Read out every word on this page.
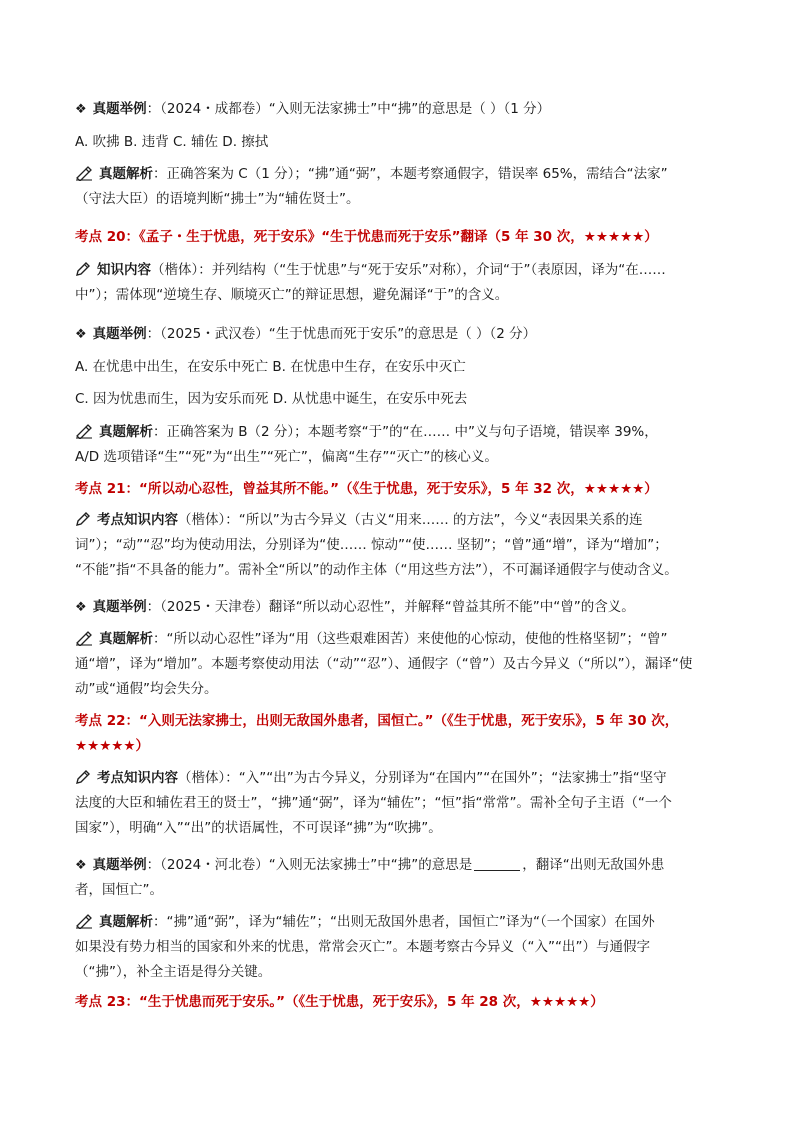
❖ 真题举例：（2024・成都卷）“入则无法家拂士”中“拂”的意思是（ ）（1 分）
A. 吹拂 B. 违背 C. 辅佐 D. 擦拭
真题解析：正确答案为 C（1 分）；“拂”通“弼”，本题考察通假字，错误率 65%，需结合“法家”
（守法大臣）的语境判断“拂士”为“辅佐贤士”。
考点 20：《孟子・生于忧患，死于安乐》“生于忧患而死于安乐”翻译（5 年 30 次，★★★★★）
知识内容（楷体）：并列结构（“生于忧患”与“死于安乐”对称），介词“于”（表原因，译为“在……
中”）；需体现“逆境生存、顺境灭亡”的辩证思想，避免漏译“于”的含义。
❖ 真题举例：（2025・武汉卷）“生于忧患而死于安乐”的意思是（ ）（2 分）
A. 在忧患中出生，在安乐中死亡 B. 在忧患中生存，在安乐中灭亡
C. 因为忧患而生，因为安乐而死 D. 从忧患中诞生，在安乐中死去
真题解析：正确答案为 B（2 分）；本题考察“于”的“在…… 中”义与句子语境，错误率 39%，
A/D 选项错译“生”“死”为“出生”“死亡”，偏离“生存”“灭亡”的核心义。
考点 21：“所以动心忍性，曾益其所不能。”（《生于忧患，死于安乐》，5 年 32 次，★★★★★）
考点知识内容（楷体）：“所以”为古今异义（古义“用来…… 的方法”，今义“表因果关系的连
词”）；“动”“忍”均为使动用法，分别译为“使…… 惊动”“使…… 坚韧”；“曾”通“增”，译为“增加”；
“不能”指“不具备的能力”。需补全“所以”的动作主体（“用这些方法”），不可漏译通假字与使动含义。
❖ 真题举例：（2025・天津卷）翻译“所以动心忍性”，并解释“曾益其所不能”中“曾”的含义。
真题解析：“所以动心忍性”译为“用（这些艰难困苦）来使他的心惊动，使他的性格坚韧”；“曾”
通“增”，译为“增加”。本题考察使动用法（“动”“忍”）、通假字（“曾”）及古今异义（“所以”），漏译“使
动”或“通假”均会失分。
考点 22：“入则无法家拂士，出则无敌国外患者，国恒亡。”（《生于忧患，死于安乐》，5 年 30 次，
★★★★★）
考点知识内容（楷体）：“入”“出”为古今异义，分别译为“在国内”“在国外”；“法家拂士”指“坚守
法度的大臣和辅佐君王的贤士”，“拂”通“弼”，译为“辅佐”；“恒”指“常常”。需补全句子主语（“一个
国家”），明确“入”“出”的状语属性，不可误译“拂”为“吹拂”。
❖ 真题举例：（2024・河北卷）“入则无法家拂士”中“拂”的意思是	，翻译“出则无敌国外患
者，国恒亡”。
真题解析：“拂”通“弼”，译为“辅佐”；“出则无敌国外患者，国恒亡”译为“（一个国家）在国外
如果没有势力相当的国家和外来的忧患，常常会灭亡”。本题考察古今异义（“入”“出”）与通假字
（“拂”），补全主语是得分关键。
考点 23：“生于忧患而死于安乐。”（《生于忧患，死于安乐》，5 年 28 次，★★★★★）
